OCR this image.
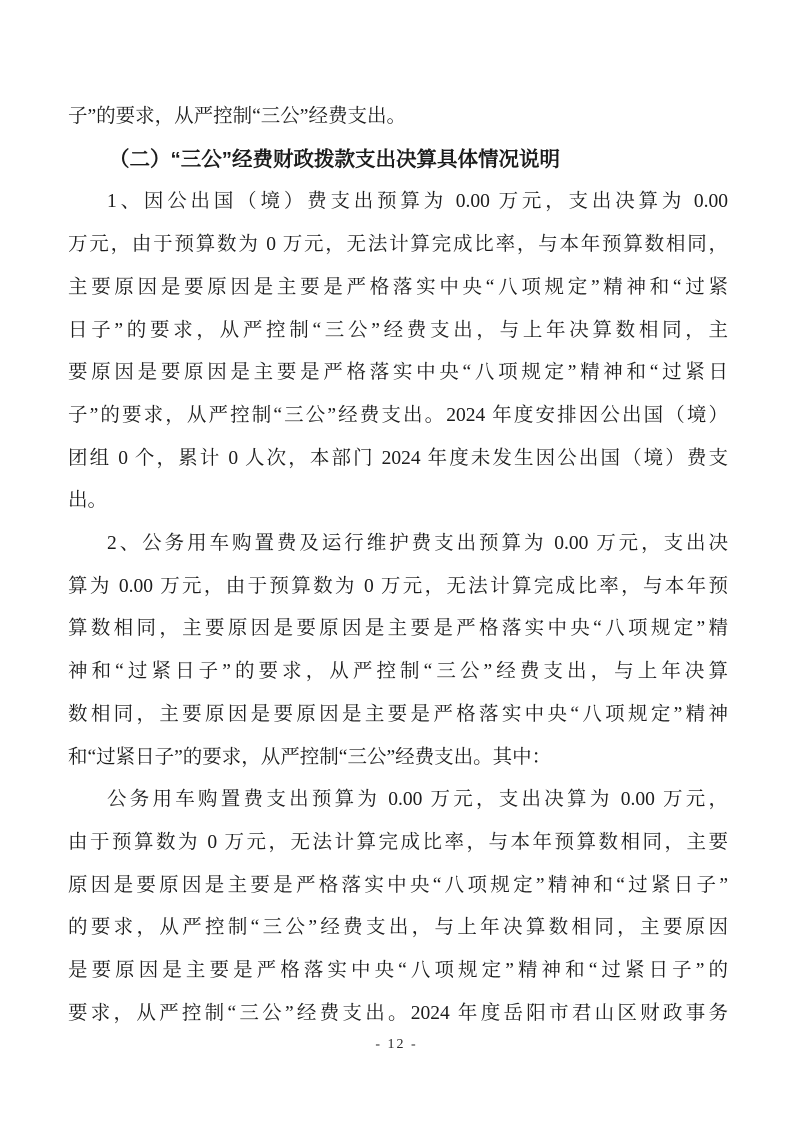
子”的要求，从严控制“三公”经费支出。
（二）“三公”经费财政拨款支出决算具体情况说明
1、因公出国（境）费支出预算为 0.00 万元，支出决算为 0.00
万元，由于预算数为 0 万元，无法计算完成比率，与本年预算数相同，
主要原因是要原因是主要是严格落实中央“八项规定”精神和“过紧
日子”的要求，从严控制“三公”经费支出，与上年决算数相同，主
要原因是要原因是主要是严格落实中央“八项规定”精神和“过紧日
子”的要求，从严控制“三公”经费支出。2024 年度安排因公出国（境）
团组 0 个，累计 0 人次，本部门 2024 年度未发生因公出国（境）费支
出。
2、公务用车购置费及运行维护费支出预算为 0.00 万元，支出决
算为 0.00 万元，由于预算数为 0 万元，无法计算完成比率，与本年预
算数相同，主要原因是要原因是主要是严格落实中央“八项规定”精
神和“过紧日子”的要求，从严控制“三公”经费支出，与上年决算
数相同，主要原因是要原因是主要是严格落实中央“八项规定”精神
和“过紧日子”的要求，从严控制“三公”经费支出。其中：
公务用车购置费支出预算为 0.00 万元，支出决算为 0.00 万元，
由于预算数为 0 万元，无法计算完成比率，与本年预算数相同，主要
原因是要原因是主要是严格落实中央“八项规定”精神和“过紧日子”
的要求，从严控制“三公”经费支出，与上年决算数相同，主要原因
是要原因是主要是严格落实中央“八项规定”精神和“过紧日子”的
要求，从严控制“三公”经费支出。2024 年度岳阳市君山区财政事务
- 12 -
